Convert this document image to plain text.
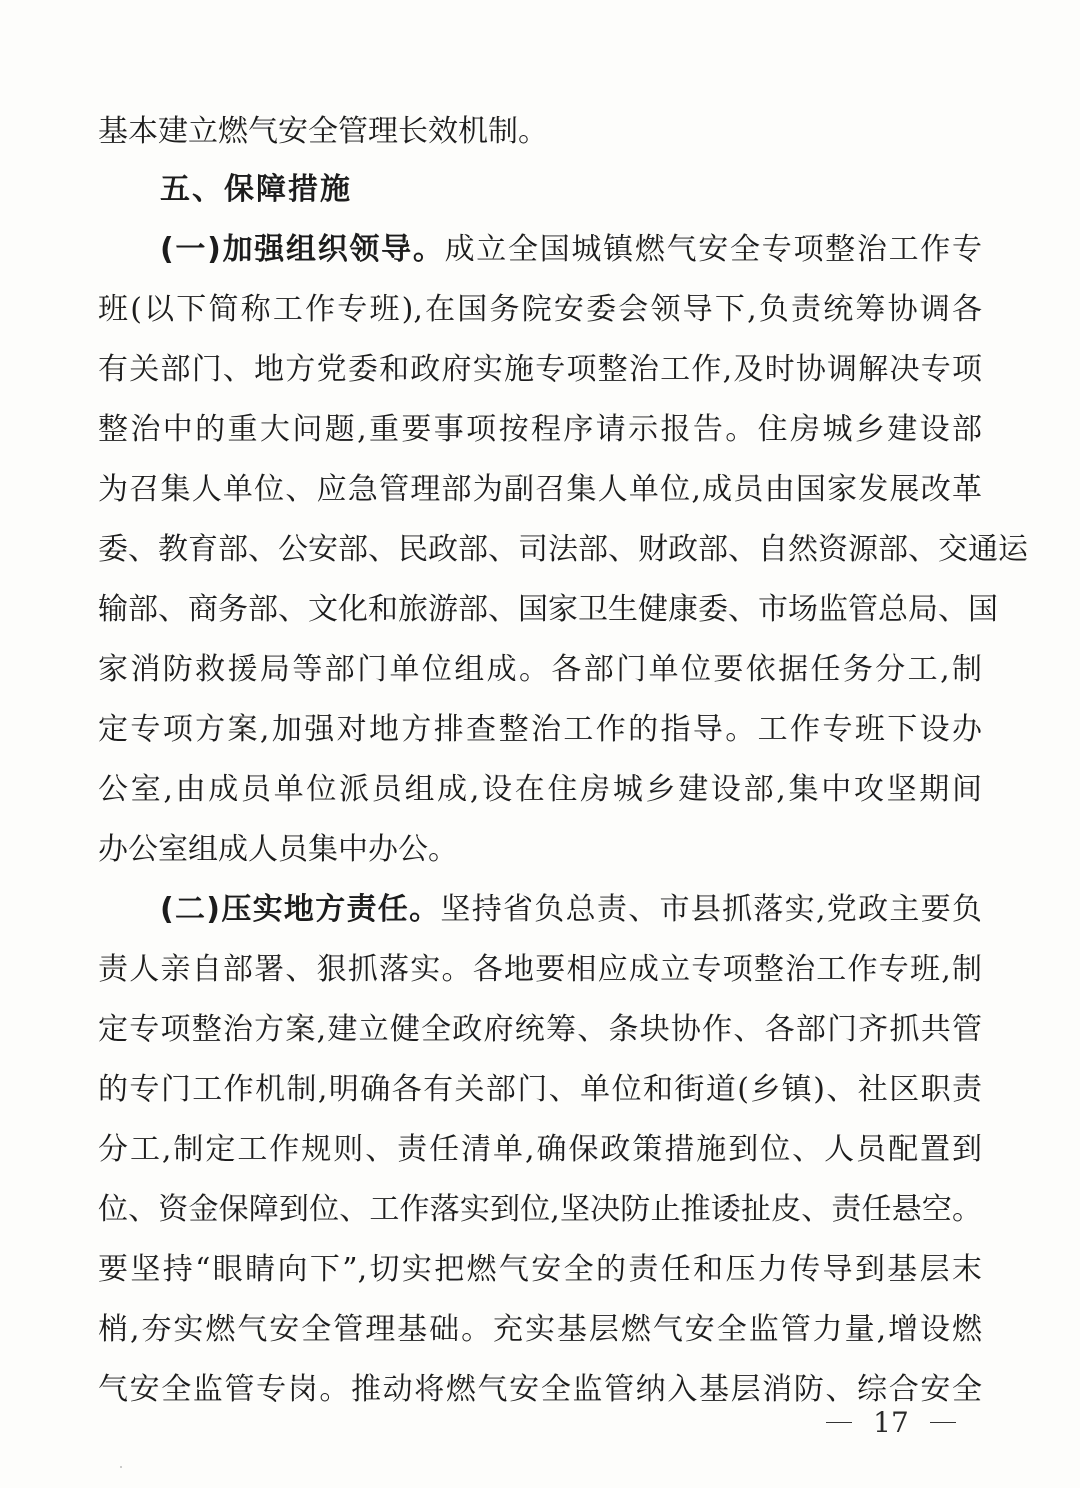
基本建立燃气安全管理长效机制。
五、保障措施
(一)加强组织领导。成立全国城镇燃气安全专项整治工作专
班(以下简称工作专班),在国务院安委会领导下,负责统筹协调各
有关部门、地方党委和政府实施专项整治工作,及时协调解决专项
整治中的重大问题,重要事项按程序请示报告。住房城乡建设部
为召集人单位、应急管理部为副召集人单位,成员由国家发展改革
委、教育部、公安部、民政部、司法部、财政部、自然资源部、交通运
输部、商务部、文化和旅游部、国家卫生健康委、市场监管总局、国
家消防救援局等部门单位组成。各部门单位要依据任务分工,制
定专项方案,加强对地方排查整治工作的指导。工作专班下设办
公室,由成员单位派员组成,设在住房城乡建设部,集中攻坚期间
办公室组成人员集中办公。
(二)压实地方责任。坚持省负总责、市县抓落实,党政主要负
责人亲自部署、狠抓落实。各地要相应成立专项整治工作专班,制
定专项整治方案,建立健全政府统筹、条块协作、各部门齐抓共管
的专门工作机制,明确各有关部门、单位和街道(乡镇)、社区职责
分工,制定工作规则、责任清单,确保政策措施到位、人员配置到
位、资金保障到位、工作落实到位,坚决防止推诿扯皮、责任悬空。
要坚持“眼睛向下”,切实把燃气安全的责任和压力传导到基层末
梢,夯实燃气安全管理基础。充实基层燃气安全监管力量,增设燃
气安全监管专岗。推动将燃气安全监管纳入基层消防、综合安全
17
